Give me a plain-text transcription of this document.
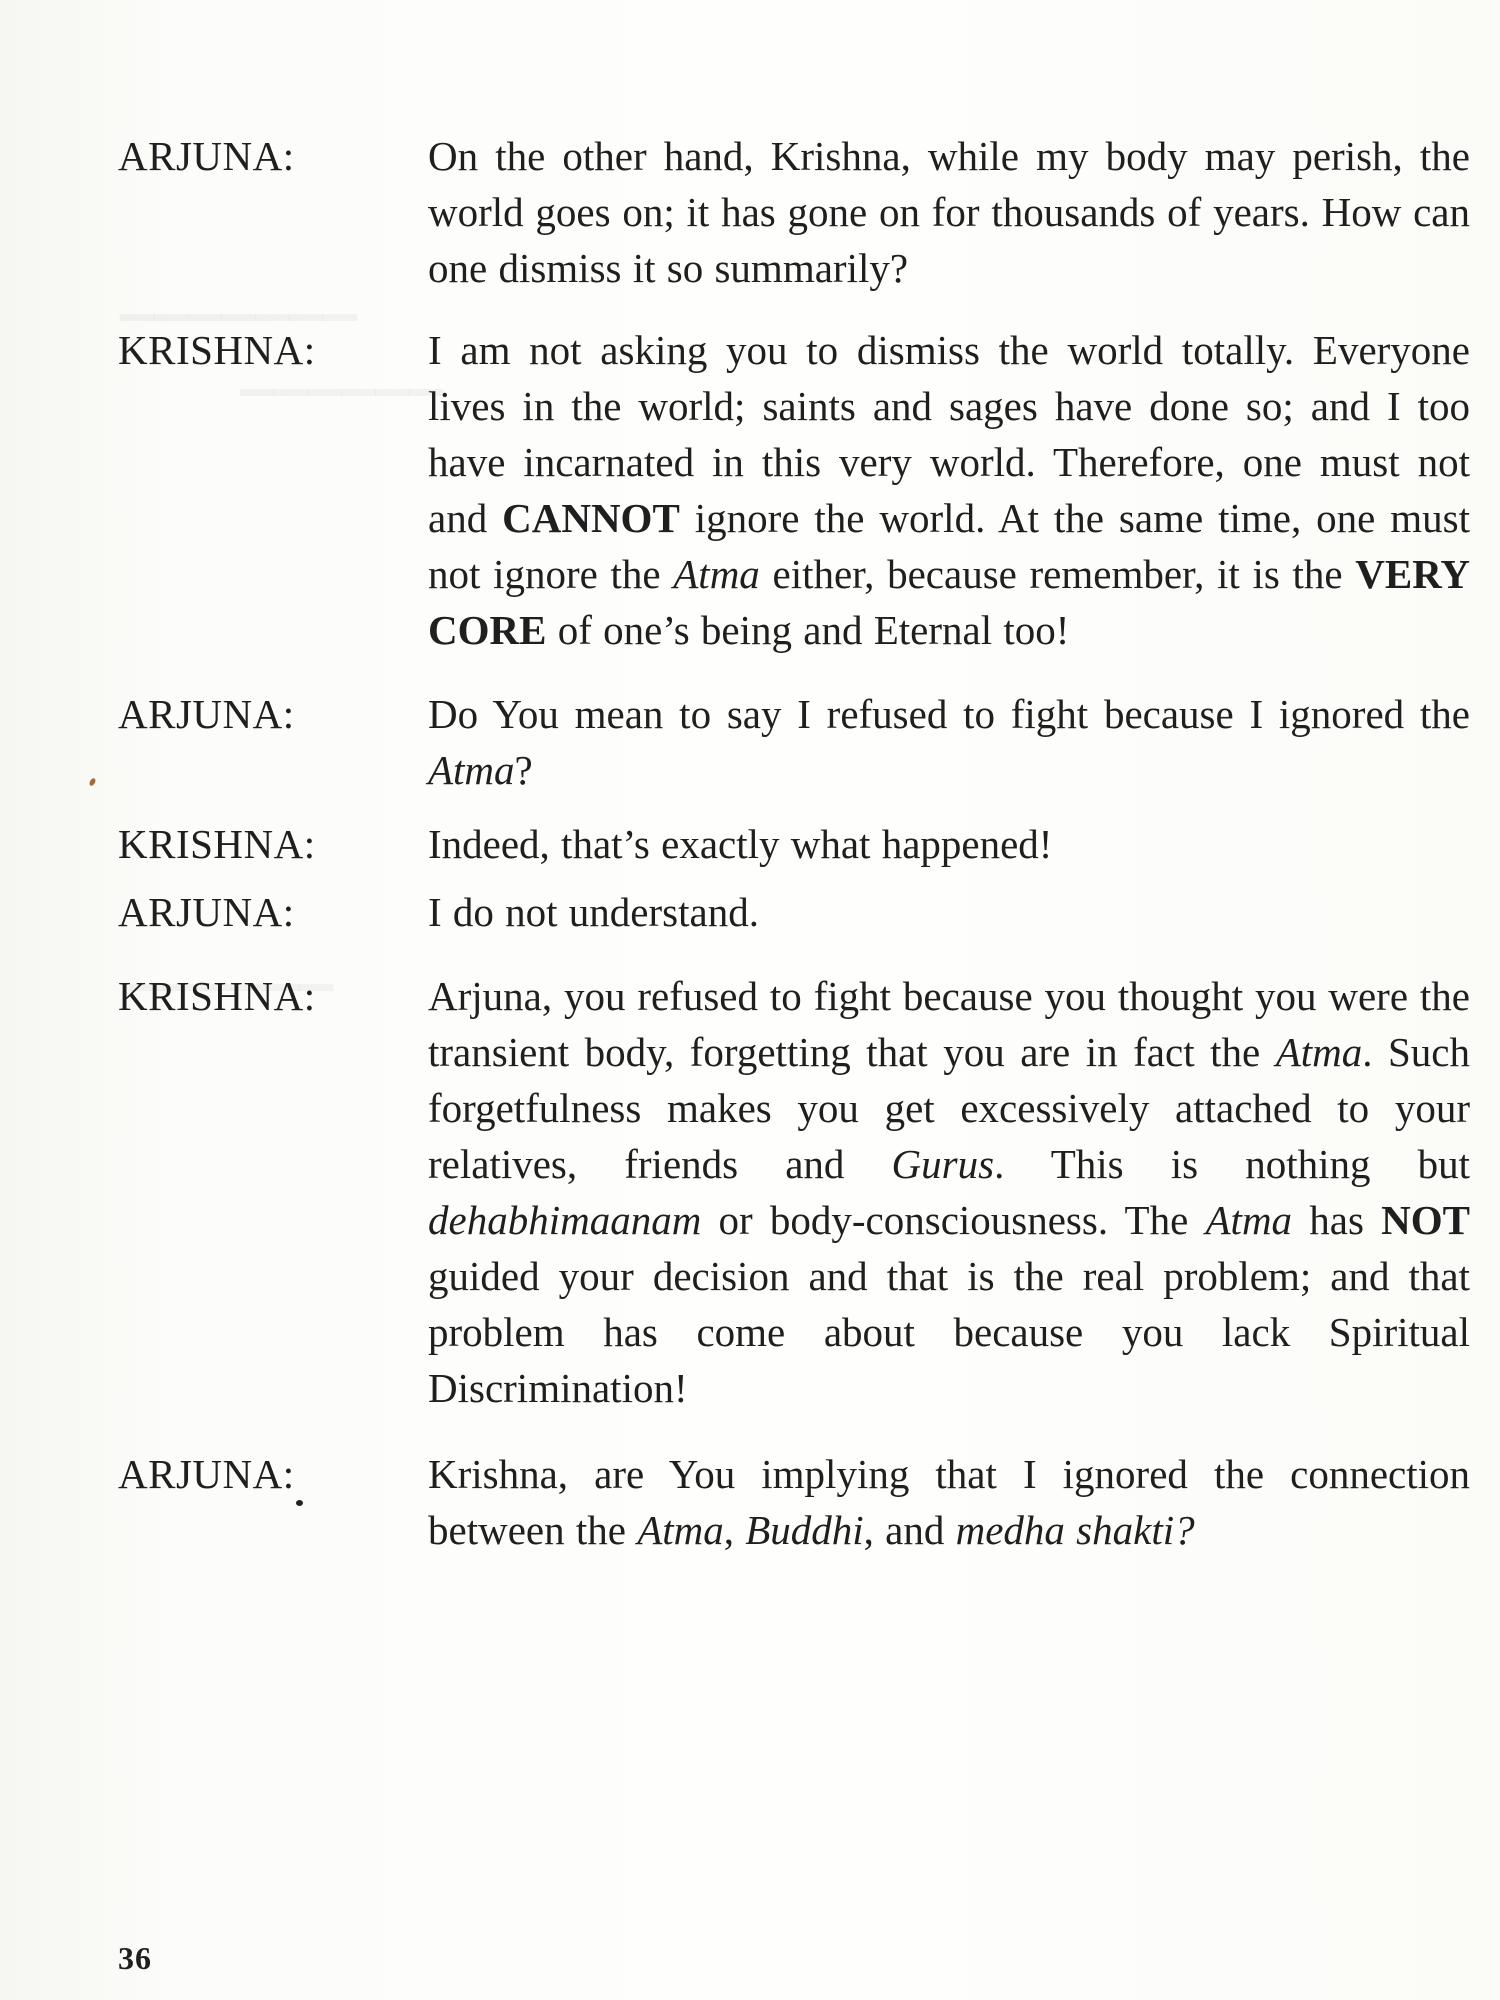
ARJUNA:	On the other hand, Krishna, while my body may perish, the world goes on; it has gone on for thousands of years. How can one dismiss it so summarily?
KRISHNA:	I am not asking you to dismiss the world totally. Everyone lives in the world; saints and sages have done so; and I too have incarnated in this very world. Therefore, one must not and CANNOT ignore the world. At the same time, one must not ignore the Atma either, because remember, it is the VERY CORE of one’s being and Eternal too!
ARJUNA:	Do You mean to say I refused to fight because I ignored the Atma?
KRISHNA:	Indeed, that’s exactly what happened!
ARJUNA:	I do not understand.
KRISHNA:	Arjuna, you refused to fight because you thought you were the transient body, forgetting that you are in fact the Atma. Such forgetfulness makes you get excessively attached to your relatives, friends and Gurus. This is nothing but dehabhimaanam or body-consciousness. The Atma has NOT guided your decision and that is the real problem; and that problem has come about because you lack Spiritual Discrimination!
ARJUNA:	Krishna, are You implying that I ignored the connection between the Atma, Buddhi, and medha shakti?
36
